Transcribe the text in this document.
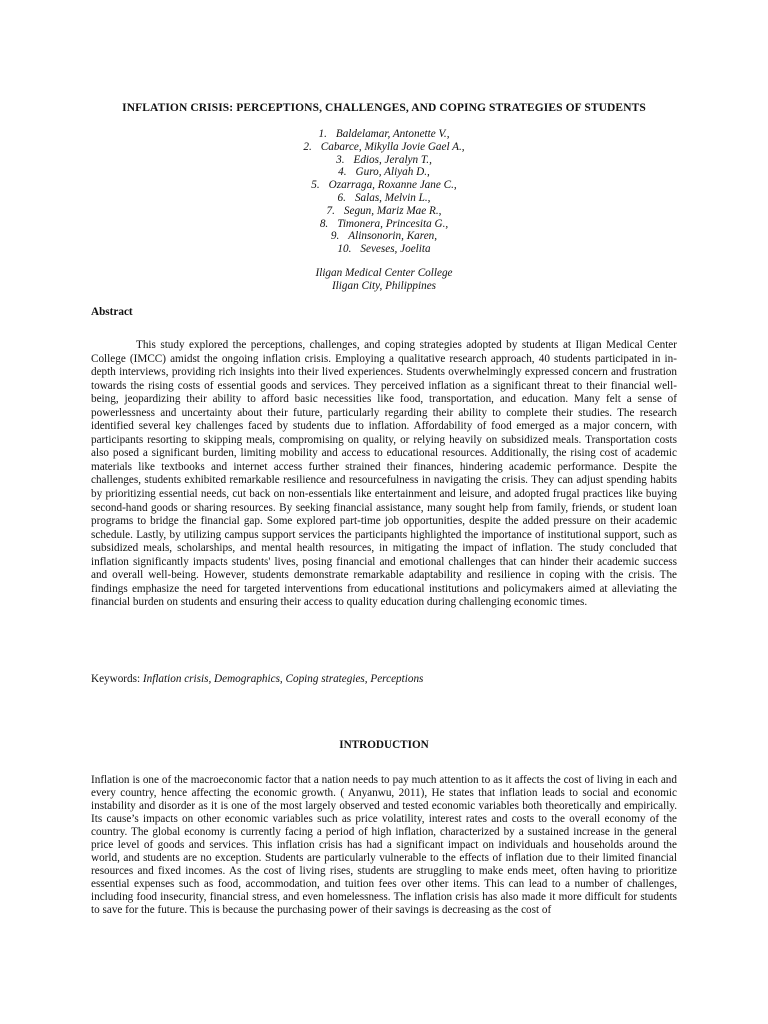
INFLATION CRISIS: PERCEPTIONS, CHALLENGES, AND COPING STRATEGIES OF STUDENTS
1. Baldelamar, Antonette V.,
2. Cabarce, Mikylla Jovie Gael A.,
3. Edios, Jeralyn T.,
4. Guro, Aliyah D.,
5. Ozarraga, Roxanne Jane C.,
6. Salas, Melvin L.,
7. Segun, Mariz Mae R.,
8. Timonera, Princesita G.,
9. Alinsonorin, Karen,
10. Seveses, Joelita
Iligan Medical Center College
Iligan City, Philippines
Abstract

This study explored the perceptions, challenges, and coping strategies adopted by students at Iligan Medical Center College (IMCC) amidst the ongoing inflation crisis. Employing a qualitative research approach, 40 students participated in in-depth interviews, providing rich insights into their lived experiences. Students overwhelmingly expressed concern and frustration towards the rising costs of essential goods and services. They perceived inflation as a significant threat to their financial well-being, jeopardizing their ability to afford basic necessities like food, transportation, and education. Many felt a sense of powerlessness and uncertainty about their future, particularly regarding their ability to complete their studies. The research identified several key challenges faced by students due to inflation. Affordability of food emerged as a major concern, with participants resorting to skipping meals, compromising on quality, or relying heavily on subsidized meals. Transportation costs also posed a significant burden, limiting mobility and access to educational resources. Additionally, the rising cost of academic materials like textbooks and internet access further strained their finances, hindering academic performance. Despite the challenges, students exhibited remarkable resilience and resourcefulness in navigating the crisis. They can adjust spending habits by prioritizing essential needs, cut back on non-essentials like entertainment and leisure, and adopted frugal practices like buying second-hand goods or sharing resources. By seeking financial assistance, many sought help from family, friends, or student loan programs to bridge the financial gap. Some explored part-time job opportunities, despite the added pressure on their academic schedule. Lastly, by utilizing campus support services the participants highlighted the importance of institutional support, such as subsidized meals, scholarships, and mental health resources, in mitigating the impact of inflation. The study concluded that inflation significantly impacts students' lives, posing financial and emotional challenges that can hinder their academic success and overall well-being. However, students demonstrate remarkable adaptability and resilience in coping with the crisis. The findings emphasize the need for targeted interventions from educational institutions and policymakers aimed at alleviating the financial burden on students and ensuring their access to quality education during challenging economic times.

Keywords: Inflation crisis, Demographics, Coping strategies, Perceptions
INTRODUCTION

Inflation is one of the macroeconomic factor that a nation needs to pay much attention to as it affects the cost of living in each and every country, hence affecting the economic growth. ( Anyanwu, 2011), He states that inflation leads to social and economic instability and disorder as it is one of the most largely observed and tested economic variables both theoretically and empirically. Its cause’s impacts on other economic variables such as price volatility, interest rates and costs to the overall economy of the country. The global economy is currently facing a period of high inflation, characterized by a sustained increase in the general price level of goods and services. This inflation crisis has had a significant impact on individuals and households around the world, and students are no exception. Students are particularly vulnerable to the effects of inflation due to their limited financial resources and fixed incomes. As the cost of living rises, students are struggling to make ends meet, often having to prioritize essential expenses such as food, accommodation, and tuition fees over other items. This can lead to a number of challenges, including food insecurity, financial stress, and even homelessness. The inflation crisis has also made it more difficult for students to save for the future. This is because the purchasing power of their savings is decreasing as the cost of
